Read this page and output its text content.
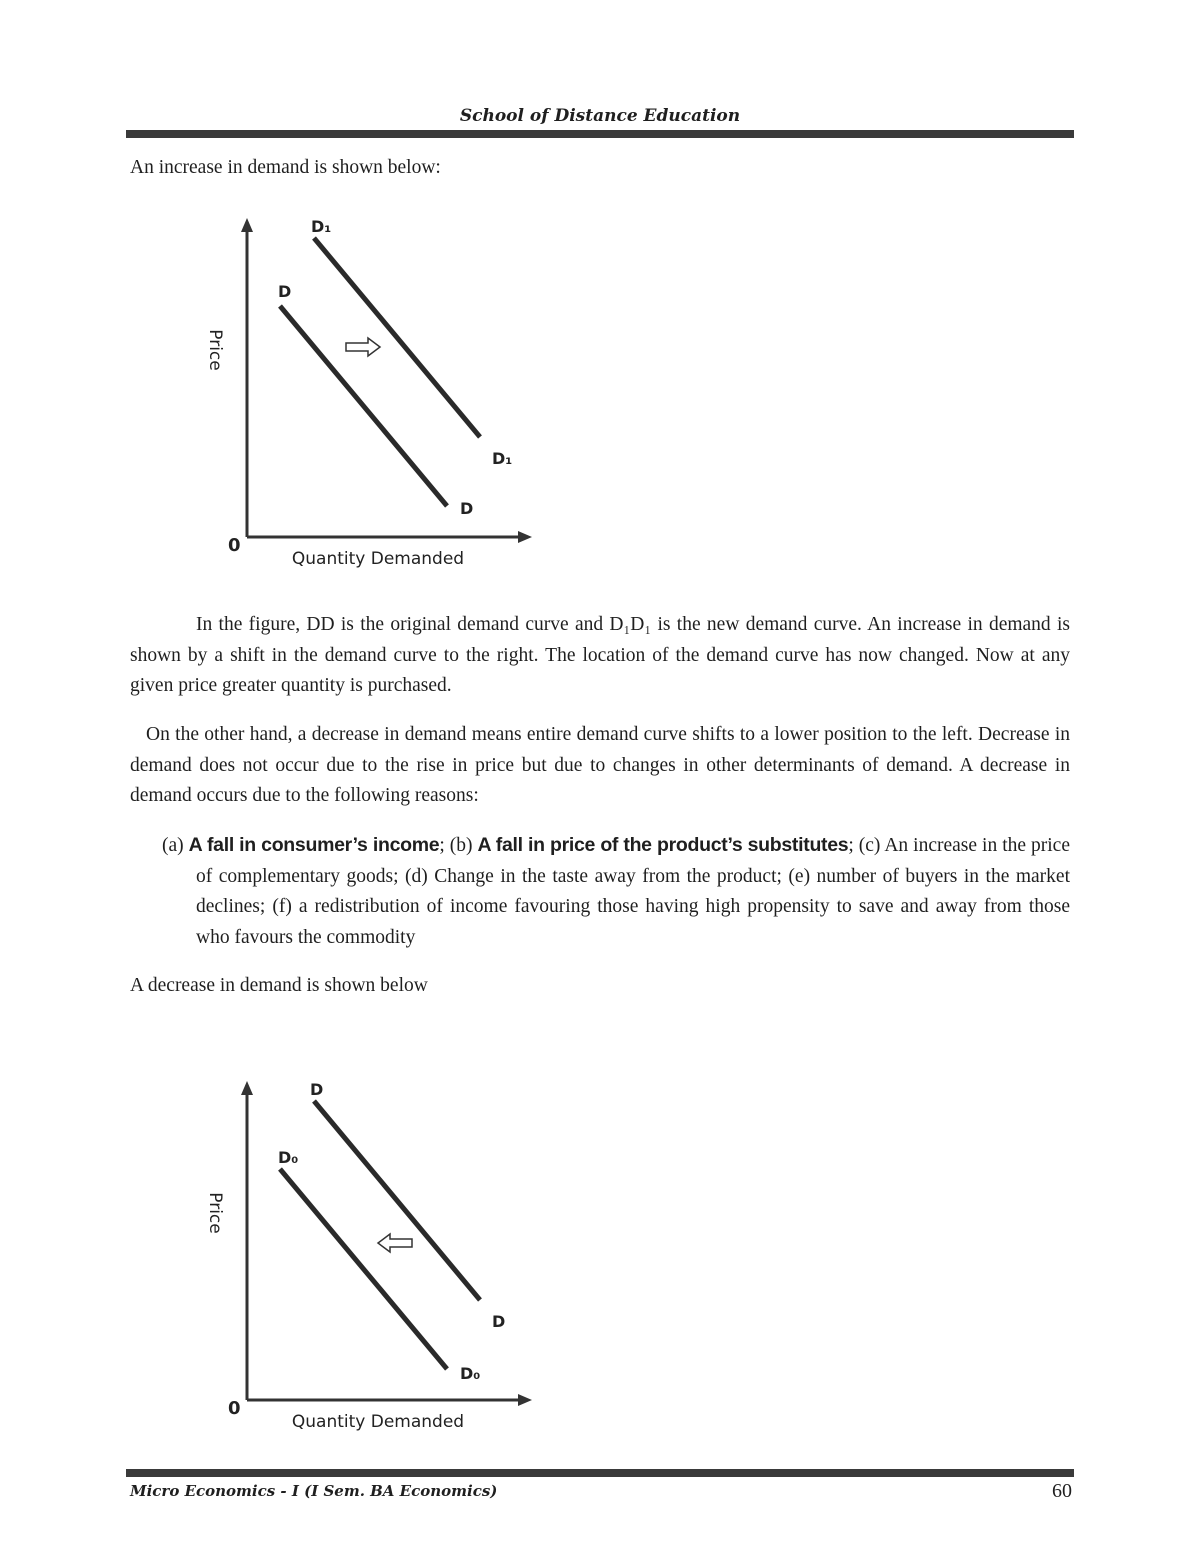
School of Distance Education
An increase in demand is shown below:
Price
Quantity Demanded
0
D
D
D₁
D₁
In the figure, DD is the original demand curve and D₁D₁ is the new demand curve. An increase in demand is shown by a shift in the demand curve to the right. The location of the demand curve has now changed. Now at any given price greater quantity is purchased.
On the other hand, a decrease in demand means entire demand curve shifts to a lower position to the left. Decrease in demand does not occur due to the rise in price but due to changes in other determinants of demand. A decrease in demand occurs due to the following reasons:
(a) A fall in consumer’s income; (b) A fall in price of the product’s substitutes; (c) An increase in the price of complementary goods; (d) Change in the taste away from the product; (e) number of buyers in the market declines; (f) a redistribution of income favouring those having high propensity to save and away from those who favours the commodity
A decrease in demand is shown below
Price
Quantity Demanded
0
D
D
D₀
D₀
Micro Economics - I (I Sem. BA Economics)	60
